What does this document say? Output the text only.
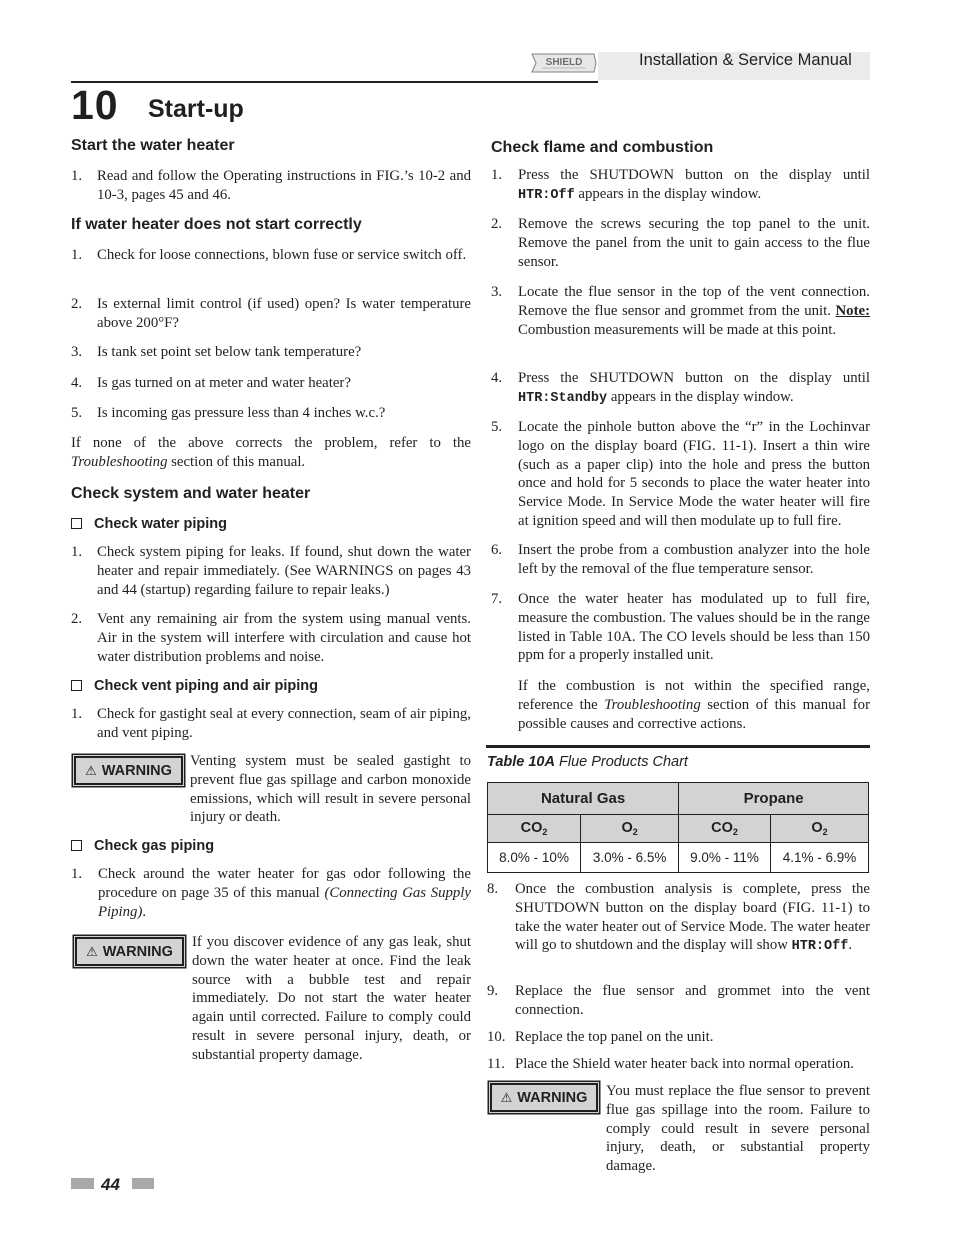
SHIELD	Installation & Service Manual
10 Start-up
Start the water heater
1. Read and follow the Operating instructions in FIG.’s 10-2 and 10-3, pages 45 and 46.
If water heater does not start correctly
1. Check for loose connections, blown fuse or service switch off.
2. Is external limit control (if used) open? Is water temperature above 200°F?
3. Is tank set point set below tank temperature?
4. Is gas turned on at meter and water heater?
5. Is incoming gas pressure less than 4 inches w.c.?
If none of the above corrects the problem, refer to the Troubleshooting section of this manual.
Check system and water heater
Check water piping
1. Check system piping for leaks. If found, shut down the water heater and repair immediately. (See WARNINGS on pages 43 and 44 (startup) regarding failure to repair leaks.)
2. Vent any remaining air from the system using manual vents. Air in the system will interfere with circulation and cause hot water distribution problems and noise.
Check vent piping and air piping
1. Check for gastight seal at every connection, seam of air piping, and vent piping.
⚠ WARNING
Venting system must be sealed gastight to prevent flue gas spillage and carbon monoxide emissions, which will result in severe personal injury or death.
Check gas piping
1. Check around the water heater for gas odor following the procedure on page 35 of this manual (Connecting Gas Supply Piping).
⚠ WARNING
If you discover evidence of any gas leak, shut down the water heater at once. Find the leak source with a bubble test and repair immediately. Do not start the water heater again until corrected. Failure to comply could result in severe personal injury, death, or substantial property damage.
Check flame and combustion
1. Press the SHUTDOWN button on the display until HTR:Off appears in the display window.
2. Remove the screws securing the top panel to the unit. Remove the panel from the unit to gain access to the flue sensor.
3. Locate the flue sensor in the top of the vent connection. Remove the flue sensor and grommet from the unit. Note: Combustion measurements will be made at this point.
4. Press the SHUTDOWN button on the display until HTR:Standby appears in the display window.
5. Locate the pinhole button above the “r” in the Lochinvar logo on the display board (FIG. 11-1). Insert a thin wire (such as a paper clip) into the hole and press the button once and hold for 5 seconds to place the water heater into Service Mode. In Service Mode the water heater will fire at ignition speed and will then modulate up to full fire.
6. Insert the probe from a combustion analyzer into the hole left by the removal of the flue temperature sensor.
7. Once the water heater has modulated up to full fire, measure the combustion. The values should be in the range listed in Table 10A. The CO levels should be less than 150 ppm for a properly installed unit.
If the combustion is not within the specified range, reference the Troubleshooting section of this manual for possible causes and corrective actions.
Table 10A Flue Products Chart
Natural Gas		Propane	
$CO_2$	$O_2$	$CO_2$	$O_2$
8.0% - 10%	3.0% - 6.5%	9.0% - 11%	4.1% - 6.9%
8. Once the combustion analysis is complete, press the SHUTDOWN button on the display board (FIG. 11-1) to take the water heater out of Service Mode. The water heater will go to shutdown and the display will show HTR:Off.
9. Replace the flue sensor and grommet into the vent connection.
10. Replace the top panel on the unit.
11. Place the Shield water heater back into normal operation.
⚠ WARNING You must replace the flue sensor to prevent flue gas spillage into the room. Failure to comply could result in severe personal injury, death, or substantial property damage.
44
